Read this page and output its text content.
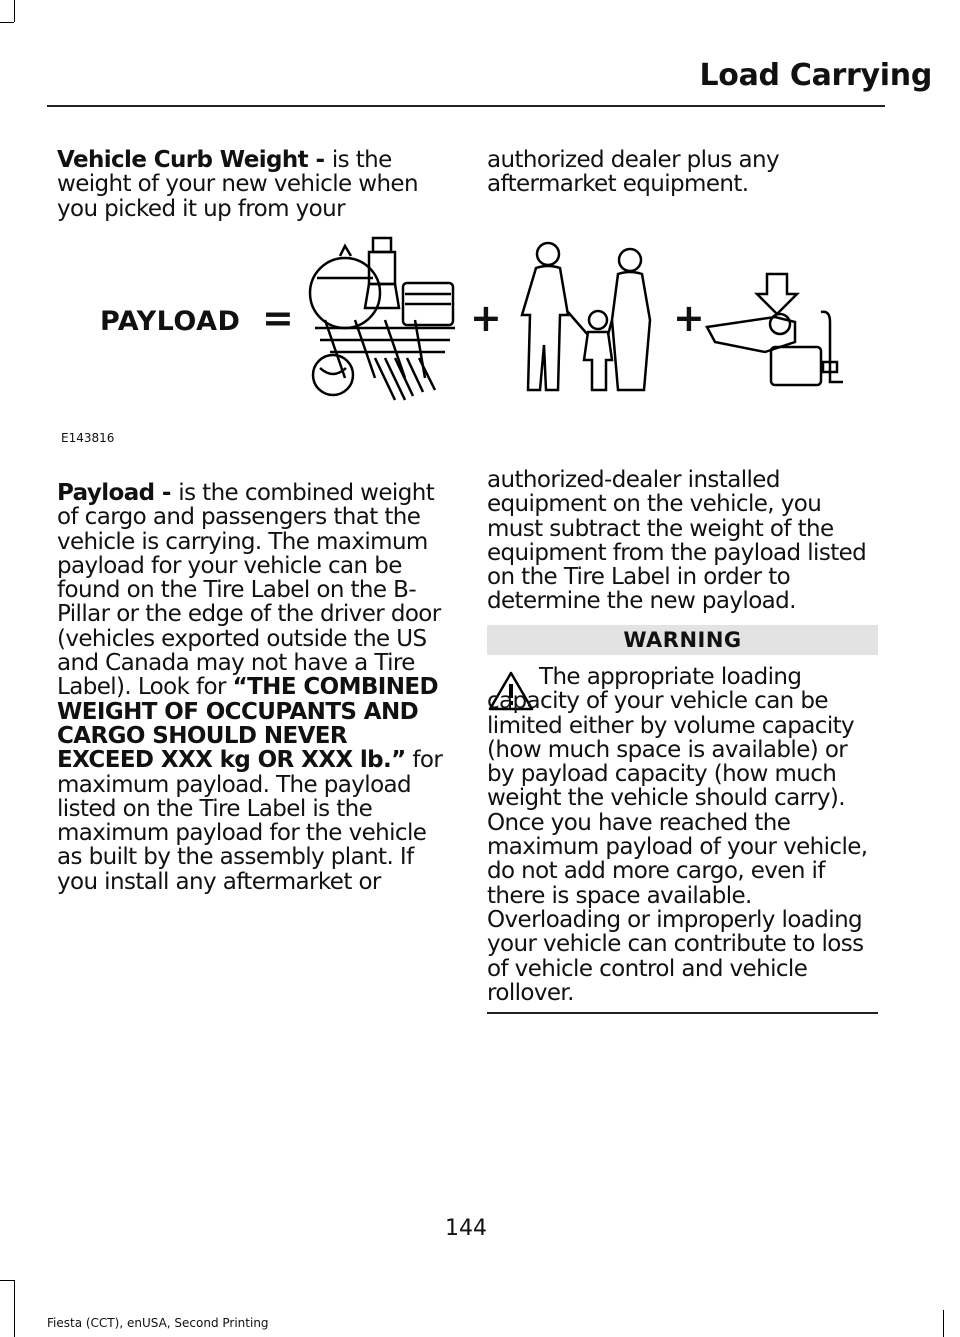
Load Carrying

Vehicle Curb Weight - is the weight of your new vehicle when you picked it up from your

authorized dealer plus any aftermarket equipment.

PAYLOAD =	+	+
E143816

Payload - is the combined weight of cargo and passengers that the vehicle is carrying. The maximum payload for your vehicle can be found on the Tire Label on the B-Pillar or the edge of the driver door (vehicles exported outside the US and Canada may not have a Tire Label). Look for “THE COMBINED WEIGHT OF OCCUPANTS AND CARGO SHOULD NEVER EXCEED XXX kg OR XXX lb.” for maximum payload. The payload listed on the Tire Label is the maximum payload for the vehicle as built by the assembly plant. If you install any aftermarket or

authorized-dealer installed equipment on the vehicle, you must subtract the weight of the equipment from the payload listed on the Tire Label in order to determine the new payload.

WARNING

The appropriate loading capacity of your vehicle can be limited either by volume capacity (how much space is available) or by payload capacity (how much weight the vehicle should carry). Once you have reached the maximum payload of your vehicle, do not add more cargo, even if there is space available. Overloading or improperly loading your vehicle can contribute to loss of vehicle control and vehicle rollover.

144
Fiesta (CCT), enUSA, Second Printing
